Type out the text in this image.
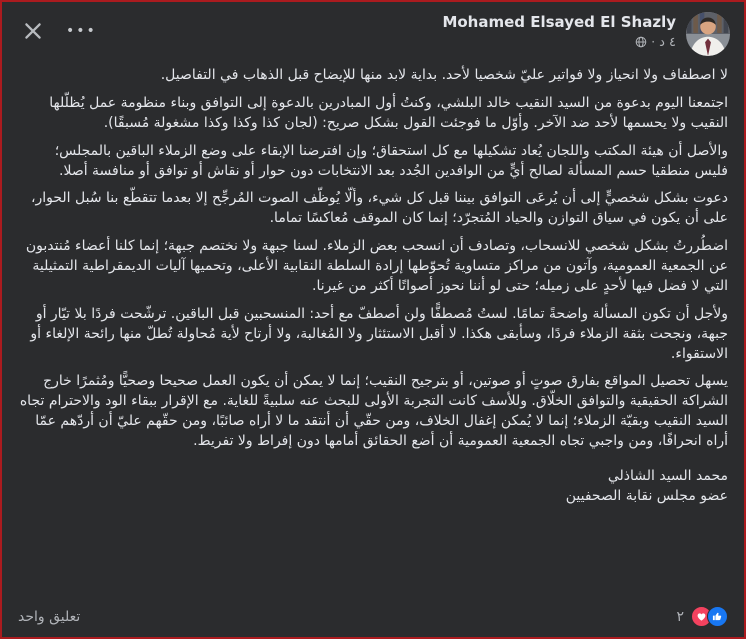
Mohamed Elsayed El Shazly
٤ د
·
•••

لا اصطفاف ولا انحياز ولا فواتير عليّ شخصيا لأحد. بداية لابد منها للإيضاح قبل الذهاب في التفاصيل.

اجتمعنا اليوم بدعوة من السيد النقيب خالد البلشي، وكنتُ أول المبادرين بالدعوة إلى التوافق وبناء منظومة عمل يُظلّلها النقيب ولا يحسمها لأحد ضد الآخر. وأوّل ما فوجئت القول بشكل صريح: (لجان كذا وكذا وكذا مشغولة مُسبقًا).

والأصل أن هيئة المكتب واللجان يُعاد تشكيلها مع كل استحقاق؛ وإن افترضنا الإبقاء على وضع الزملاء الباقين بالمجلس؛ فليس منطقيا حسم المسألة لصالح أيٍّ من الوافدين الجُدد بعد الانتخابات دون حوار أو نقاش أو توافق أو منافسة أصلا.

دعوت بشكل شخصيٍّ إلى أن يُرعَى التوافق بيننا قبل كل شيء، وألّا يُوظّف الصوت المُرجِّح إلا بعدما تتقطّع بنا سُبل الحوار، على أن يكون في سياق التوازن والحياد المُتجرّد؛ إنما كان الموقف مُعاكسًا تماما.

اضطُررتُ بشكل شخصي للانسحاب، وتصادف أن انسحب بعض الزملاء. لسنا جبهة ولا نختصم جبهة؛ إنما كلنا أعضاء مُنتدبون عن الجمعية العمومية، وآتون من مراكز متساوية تُحوّطها إرادة السلطة النقابية الأعلى، وتحميها آليات الديمقراطية التمثيلية التي لا فضل فيها لأحدٍ على زميله؛ حتى لو أننا نحوز أصواتًا أكثر من غيرنا.

ولأجل أن تكون المسألة واضحةً تمامًا. لستُ مُصطفًّا ولن أصطفّ مع أحد: المنسحبين قبل الباقين. ترشّحت فردًا بلا تيّار أو جبهة، ونجحت بثقة الزملاء فردًا، وسأبقى هكذا. لا أقبل الاستئثار ولا المُغالبة، ولا أرتاح لأية مُحاولة تُطلّ منها رائحة الإلغاء أو الاستقواء.

يسهل تحصيل المواقع بفارق صوتٍ أو صوتين، أو بترجيح النقيب؛ إنما لا يمكن أن يكون العمل صحيحا وصحيًّا ومُثمرًا خارج الشراكة الحقيقية والتوافق الخلّاق. وللأسف كانت التجربة الأولى للبحث عنه سلبيةً للغاية. مع الإقرار ببقاء الود والاحترام تجاه السيد النقيب وبقيّة الزملاء؛ إنما لا يُمكن إغفال الخلاف، ومن حقّي أن أنتقد ما لا أراه صائبًا، ومن حقّهم عليّ أن أردّهم عمّا أراه انحرافًا، ومن واجبي تجاه الجمعية العمومية أن أضع الحقائق أمامها دون إفراط ولا تفريط.

محمد السيد الشاذلي
عضو مجلس نقابة الصحفيين
٢
تعليق واحد
